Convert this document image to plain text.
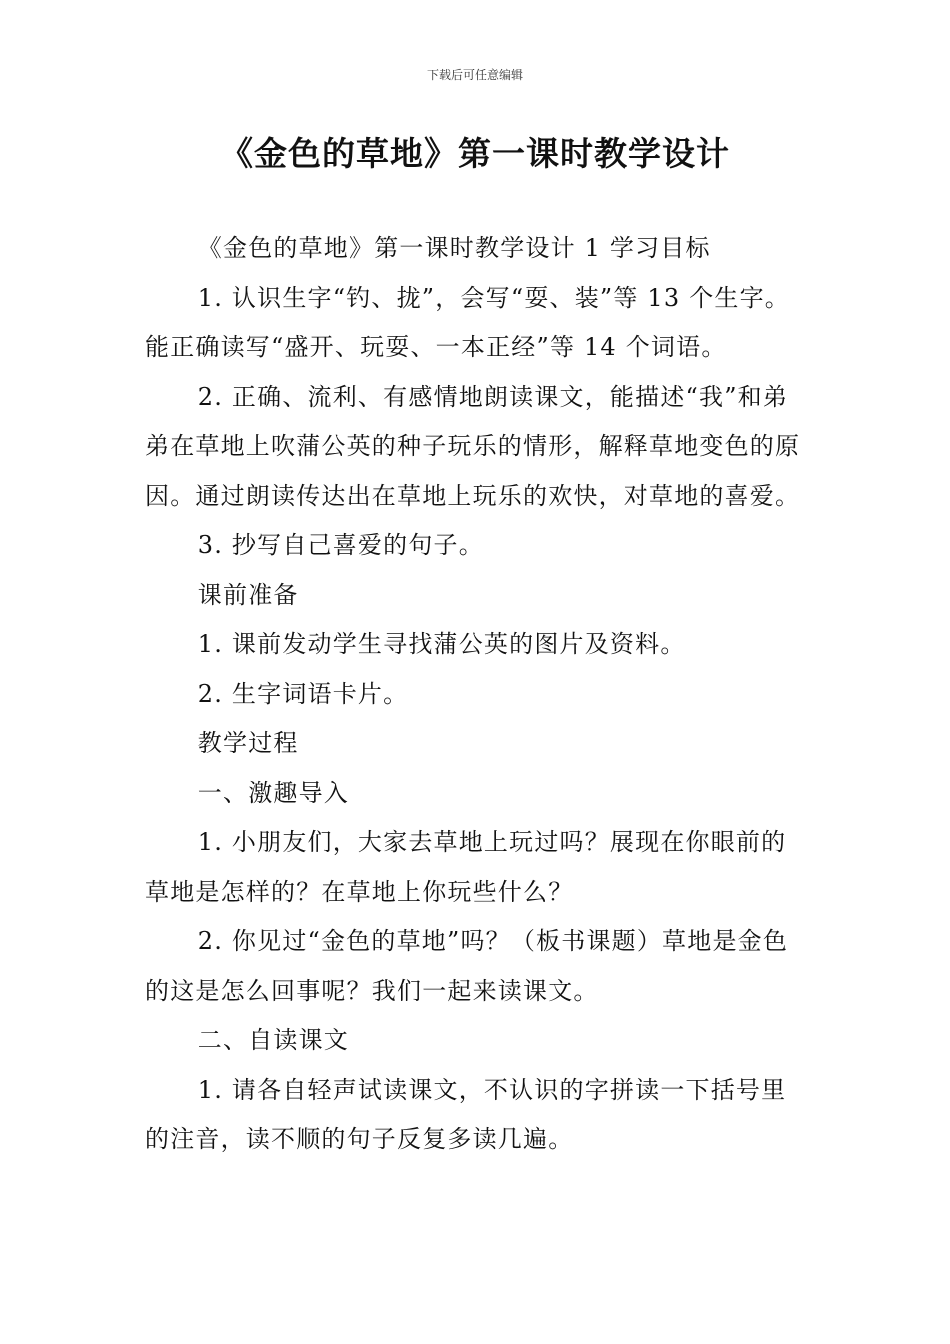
下载后可任意编辑
《金色的草地》第一课时教学设计

《金色的草地》第一课时教学设计 1 学习目标

1. 认识生字“钓、拢”，会写“耍、装”等 13 个生字。能正确读写“盛开、玩耍、一本正经”等 14 个词语。

2. 正确、流利、有感情地朗读课文，能描述“我”和弟弟在草地上吹蒲公英的种子玩乐的情形，解释草地变色的原因。通过朗读传达出在草地上玩乐的欢快，对草地的喜爱。

3. 抄写自己喜爱的句子。

课前准备

1. 课前发动学生寻找蒲公英的图片及资料。

2. 生字词语卡片。

教学过程

一、激趣导入

1. 小朋友们，大家去草地上玩过吗？展现在你眼前的草地是怎样的？在草地上你玩些什么？

2. 你见过“金色的草地”吗？（板书课题）草地是金色的这是怎么回事呢？我们一起来读课文。

二、自读课文

1. 请各自轻声试读课文，不认识的字拼读一下括号里的注音，读不顺的句子反复多读几遍。
